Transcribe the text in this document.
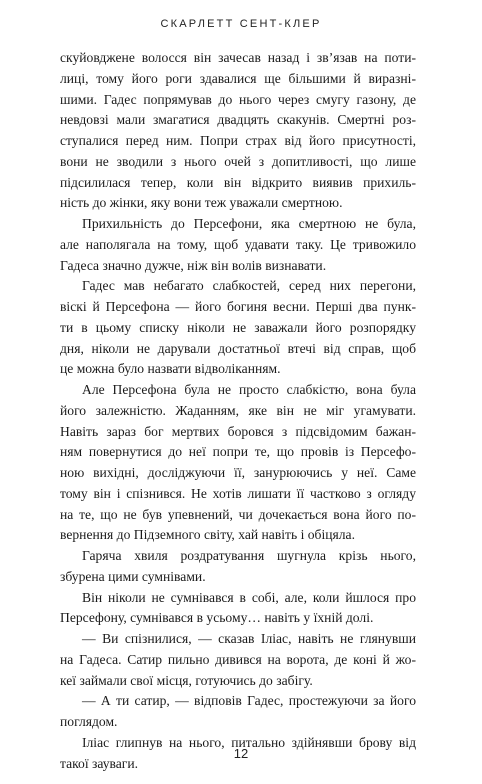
СКАРЛЕТТ СЕНТ-КЛЕР
скуйовджене волосся він зачесав назад і зв’язав на поти-
лиці, тому його роги здавалися ще більшими й виразні-
шими. Гадес попрямував до нього через смугу газону, де
невдовзі мали змагатися двадцять скакунів. Смертні роз-
ступалися перед ним. Попри страх від його присутності,
вони не зводили з нього очей з допитливості, що лише
підсилилася тепер, коли він відкрито виявив прихиль-
ність до жінки, яку вони теж уважали смертною.
Прихильність до Персефони, яка смертною не була,
але наполягала на тому, щоб удавати таку. Це тривожило
Гадеса значно дужче, ніж він волів визнавати.
Гадес мав небагато слабкостей, серед них перегони,
віскі й Персефона — його богиня весни. Перші два пунк-
ти в цьому списку ніколи не заважали його розпорядку
дня, ніколи не дарували достатньої втечі від справ, щоб
це можна було назвати відволіканням.
Але Персефона була не просто слабкістю, вона була
його залежністю. Жаданням, яке він не міг угамувати.
Навіть зараз бог мертвих боровся з підсвідомим бажан-
ням повернутися до неї попри те, що провів із Персефо-
ною вихідні, досліджуючи її, занурюючись у неї. Саме
тому він і спізнився. Не хотів лишати її частково з огляду
на те, що не був упевнений, чи дочекається вона його по-
вернення до Підземного світу, хай навіть і обіцяла.
Гаряча хвиля роздратування шугнула крізь нього,
збурена цими сумнівами.
Він ніколи не сумнівався в собі, але, коли йшлося про
Персефону, сумнівався в усьому… навіть у їхній долі.
— Ви спізнилися, — сказав Іліас, навіть не глянувши
на Гадеса. Сатир пильно дивився на ворота, де коні й жо-
кеї займали свої місця, готуючись до забігу.
— А ти сатир, — відповів Гадес, простежуючи за його
поглядом.
Іліас глипнув на нього, питально здійнявши брову від
такої зауваги.
12
